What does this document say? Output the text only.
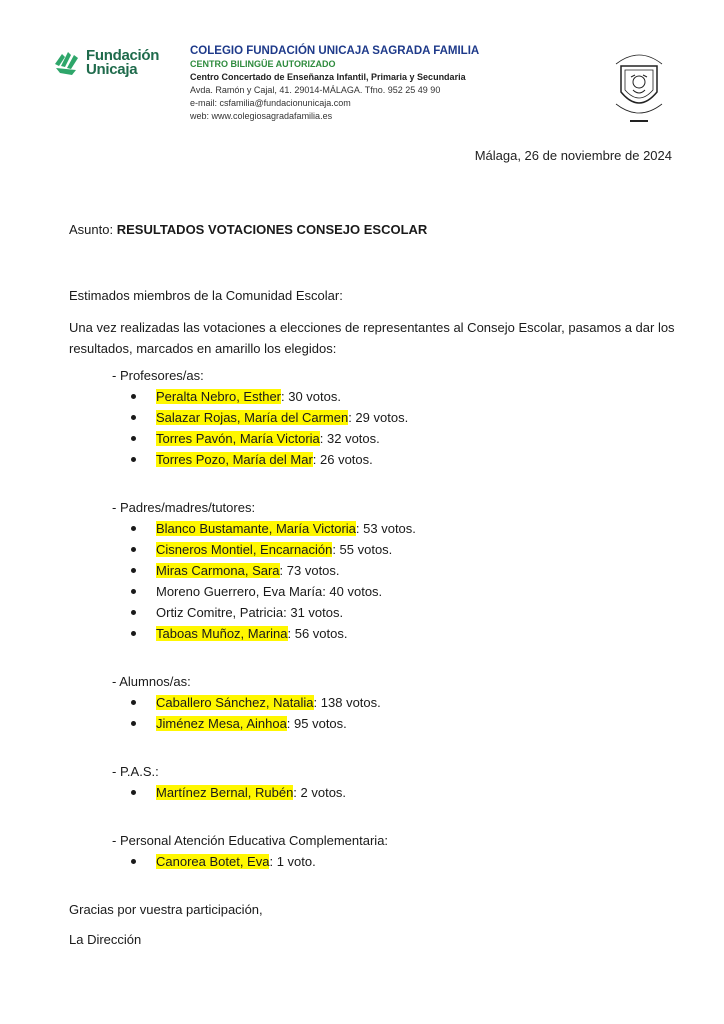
Fundación
Unicaja
COLEGIO FUNDACIÓN UNICAJA SAGRADA FAMILIA
CENTRO BILINGÜE AUTORIZADO
Centro Concertado de Enseñanza Infantil, Primaria y Secundaria
Avda. Ramón y Cajal, 41. 29014-MÁLAGA. Tfno. 952 25 49 90
e-mail: csfamilia@fundacionunicaja.com
web: www.colegiosagradafamilia.es
Málaga, 26 de noviembre de 2024

Asunto: RESULTADOS VOTACIONES CONSEJO ESCOLAR

Estimados miembros de la Comunidad Escolar:
Una vez realizadas las votaciones a elecciones de representantes al Consejo Escolar, pasamos a dar los resultados, marcados en amarillo los elegidos:
- Profesores/as:
Peralta Nebro, Esther: 30 votos.
Salazar Rojas, María del Carmen: 29 votos.
Torres Pavón, María Victoria: 32 votos.
Torres Pozo, María del Mar: 26 votos.
- Padres/madres/tutores:
Blanco Bustamante, María Victoria: 53 votos.
Cisneros Montiel, Encarnación: 55 votos.
Miras Carmona, Sara: 73 votos.
Moreno Guerrero, Eva María: 40 votos.
Ortiz Comitre, Patricia: 31 votos.
Taboas Muñoz, Marina: 56 votos.
- Alumnos/as:
Caballero Sánchez, Natalia: 138 votos.
Jiménez Mesa, Ainhoa: 95 votos.
- P.A.S.:
Martínez Bernal, Rubén: 2 votos.
- Personal Atención Educativa Complementaria:
Canorea Botet, Eva: 1 voto.
Gracias por vuestra participación,
La Dirección
